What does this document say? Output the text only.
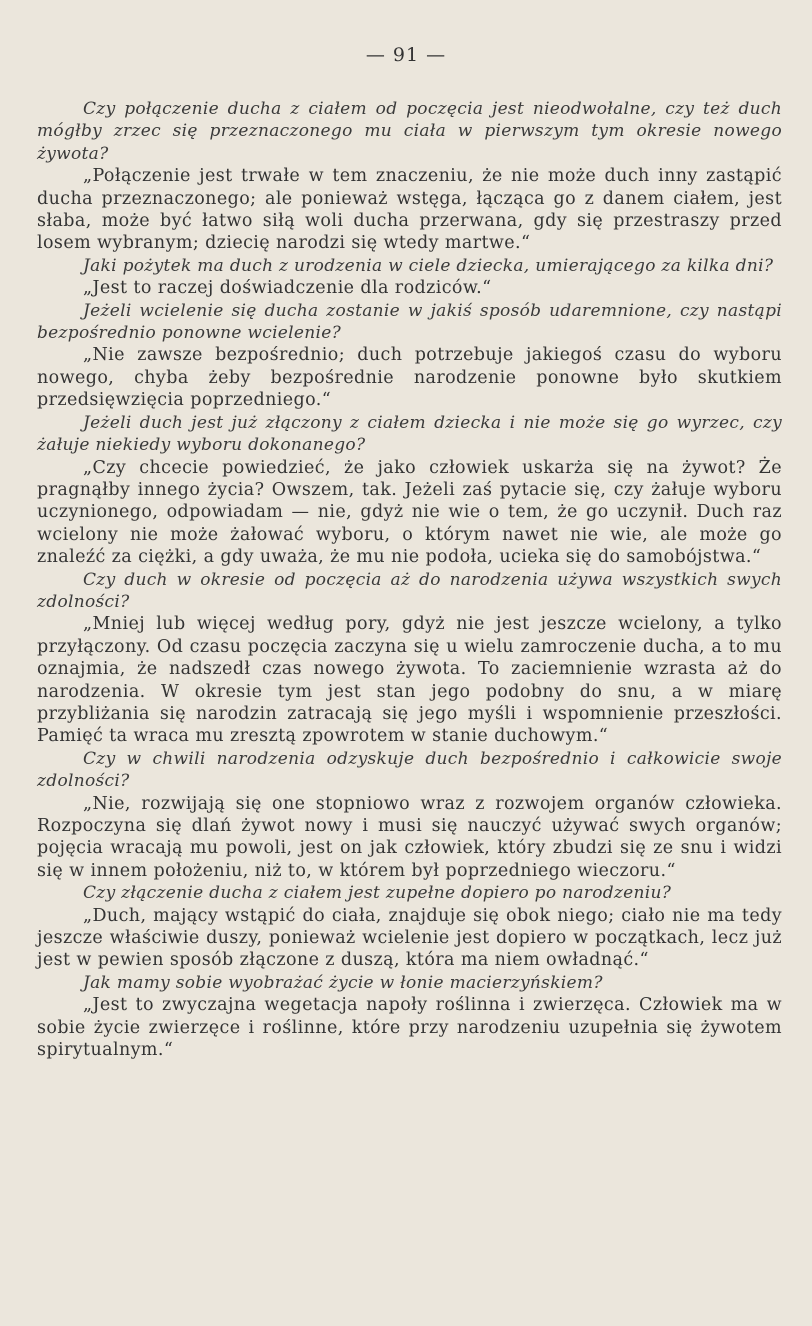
— 91 —

Czy połączenie ducha z ciałem od poczęcia jest nieodwołalne, czy też duch mógłby zrzec się przeznaczonego mu ciała w pierwszym tym okresie nowego żywota?

„Połączenie jest trwałe w tem znaczeniu, że nie może duch inny zastąpić ducha przeznaczonego; ale ponieważ wstęga, łącząca go z danem ciałem, jest słaba, może być łatwo siłą woli ducha przerwana, gdy się przestraszy przed losem wybranym; dziecię narodzi się wtedy martwe.“

Jaki pożytek ma duch z urodzenia w ciele dziecka, umierającego za kilka dni?

„Jest to raczej doświadczenie dla rodziców.“

Jeżeli wcielenie się ducha zostanie w jakiś sposób udaremnione, czy nastąpi bezpośrednio ponowne wcielenie?

„Nie zawsze bezpośrednio; duch potrzebuje jakiegoś czasu do wyboru nowego, chyba żeby bezpośrednie narodzenie ponowne było skutkiem przedsięwzięcia poprzedniego.“

Jeżeli duch jest już złączony z ciałem dziecka i nie może się go wyrzec, czy żałuje niekiedy wyboru dokonanego?

„Czy chcecie powiedzieć, że jako człowiek uskarża się na żywot? Że pragnąłby innego życia? Owszem, tak. Jeżeli zaś pytacie się, czy żałuje wyboru uczynionego, odpowiadam — nie, gdyż nie wie o tem, że go uczynił. Duch raz wcielony nie może żałować wyboru, o którym nawet nie wie, ale może go znaleźć za ciężki, a gdy uważa, że mu nie podoła, ucieka się do samobójstwa.“

Czy duch w okresie od poczęcia aż do narodzenia używa wszystkich swych zdolności?

„Mniej lub więcej według pory, gdyż nie jest jeszcze wcielony, a tylko przyłączony. Od czasu poczęcia zaczyna się u wielu zamroczenie ducha, a to mu oznajmia, że nadszedł czas nowego żywota. To zaciemnienie wzrasta aż do narodzenia. W okresie tym jest stan jego podobny do snu, a w miarę przybliżania się narodzin zatracają się jego myśli i wspomnienie przeszłości. Pamięć ta wraca mu zresztą zpowrotem w stanie duchowym.“

Czy w chwili narodzenia odzyskuje duch bezpośrednio i całkowicie swoje zdolności?

„Nie, rozwijają się one stopniowo wraz z rozwojem organów człowieka. Rozpoczyna się dlań żywot nowy i musi się nauczyć używać swych organów; pojęcia wracają mu powoli, jest on jak człowiek, który zbudzi się ze snu i widzi się w innem położeniu, niż to, w którem był poprzedniego wieczoru.“

Czy złączenie ducha z ciałem jest zupełne dopiero po narodzeniu?

„Duch, mający wstąpić do ciała, znajduje się obok niego; ciało nie ma tedy jeszcze właściwie duszy, ponieważ wcielenie jest dopiero w początkach, lecz już jest w pewien sposób złączone z duszą, która ma niem owładnąć.“

Jak mamy sobie wyobrażać życie w łonie macierzyńskiem?

„Jest to zwyczajna wegetacja napoły roślinna i zwierzęca. Człowiek ma w sobie życie zwierzęce i roślinne, które przy narodzeniu uzupełnia się żywotem spirytualnym.“
